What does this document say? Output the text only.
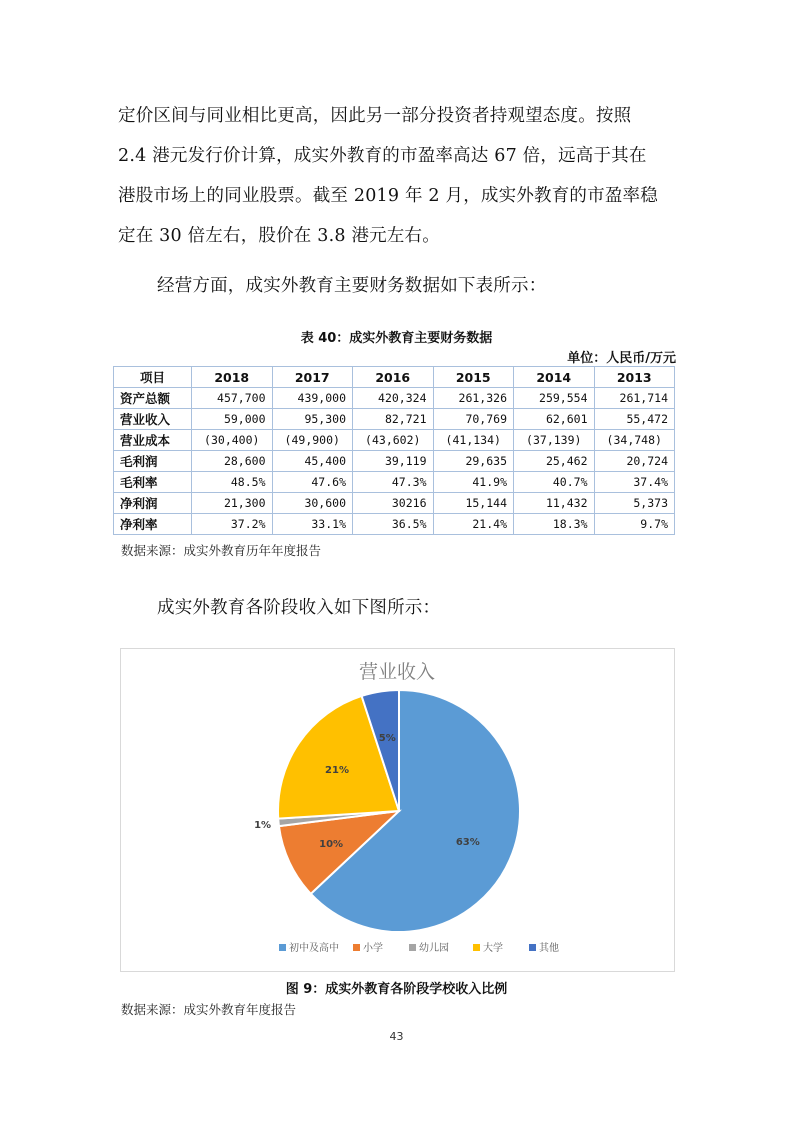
定价区间与同业相比更高，因此另一部分投资者持观望态度。按照
2.4 港元发行价计算，成实外教育的市盈率高达 67 倍，远高于其在
港股市场上的同业股票。截至 2019 年 2 月，成实外教育的市盈率稳
定在 30 倍左右，股价在 3.8 港元左右。
经营方面，成实外教育主要财务数据如下表所示：
表 40：成实外教育主要财务数据
单位：人民币/万元
项目	2018	2017	2016	2015	2014	2013
资产总额	457,700	439,000	420,324	261,326	259,554	261,714
营业收入	59,000	95,300	82,721	70,769	62,601	55,472
营业成本	(30,400)	(49,900)	(43,602)	(41,134)	(37,139)	(34,748)
毛利润	28,600	45,400	39,119	29,635	25,462	20,724
毛利率	48.5%	47.6%	47.3%	41.9%	40.7%	37.4%
净利润	21,300	30,600	30216	15,144	11,432	5,373
净利率	37.2%	33.1%	36.5%	21.4%	18.3%	9.7%
数据来源：成实外教育历年年度报告
成实外教育各阶段收入如下图所示：
营业收入
63%
10%
1%
21%
5%
初中及高中 小学	幼儿园	大学	其他
图 9：成实外教育各阶段学校收入比例
数据来源：成实外教育年度报告
43
